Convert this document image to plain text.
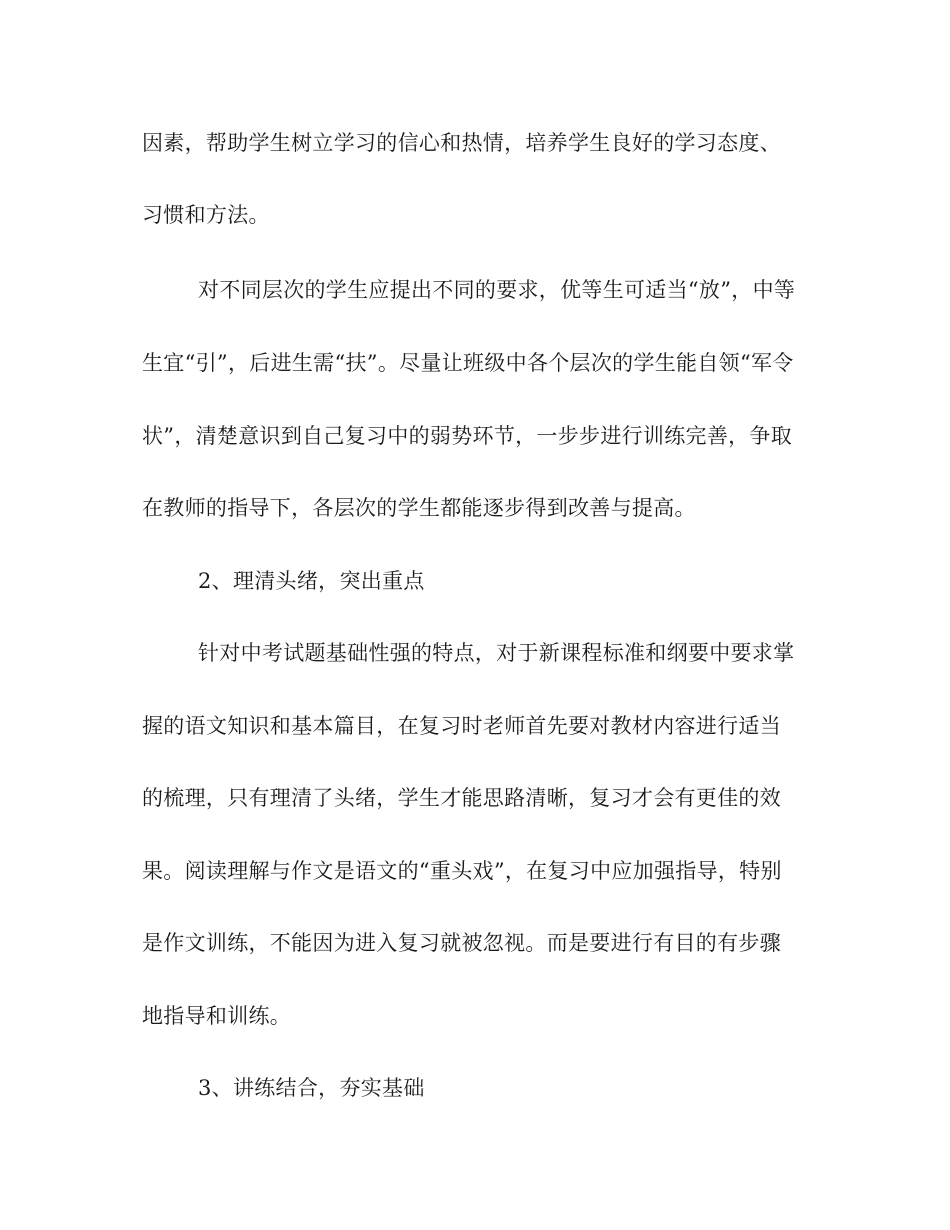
因素，帮助学生树立学习的信心和热情，培养学生良好的学习态度、
习惯和方法。
对不同层次的学生应提出不同的要求，优等生可适当“放”，中等
生宜“引”，后进生需“扶”。尽量让班级中各个层次的学生能自领“军令
状”，清楚意识到自己复习中的弱势环节，一步步进行训练完善，争取
在教师的指导下，各层次的学生都能逐步得到改善与提高。
2、理清头绪，突出重点
针对中考试题基础性强的特点，对于新课程标准和纲要中要求掌
握的语文知识和基本篇目，在复习时老师首先要对教材内容进行适当
的梳理，只有理清了头绪，学生才能思路清晰，复习才会有更佳的效
果。阅读理解与作文是语文的“重头戏”，在复习中应加强指导，特别
是作文训练，不能因为进入复习就被忽视。而是要进行有目的有步骤
地指导和训练。
3、讲练结合，夯实基础
